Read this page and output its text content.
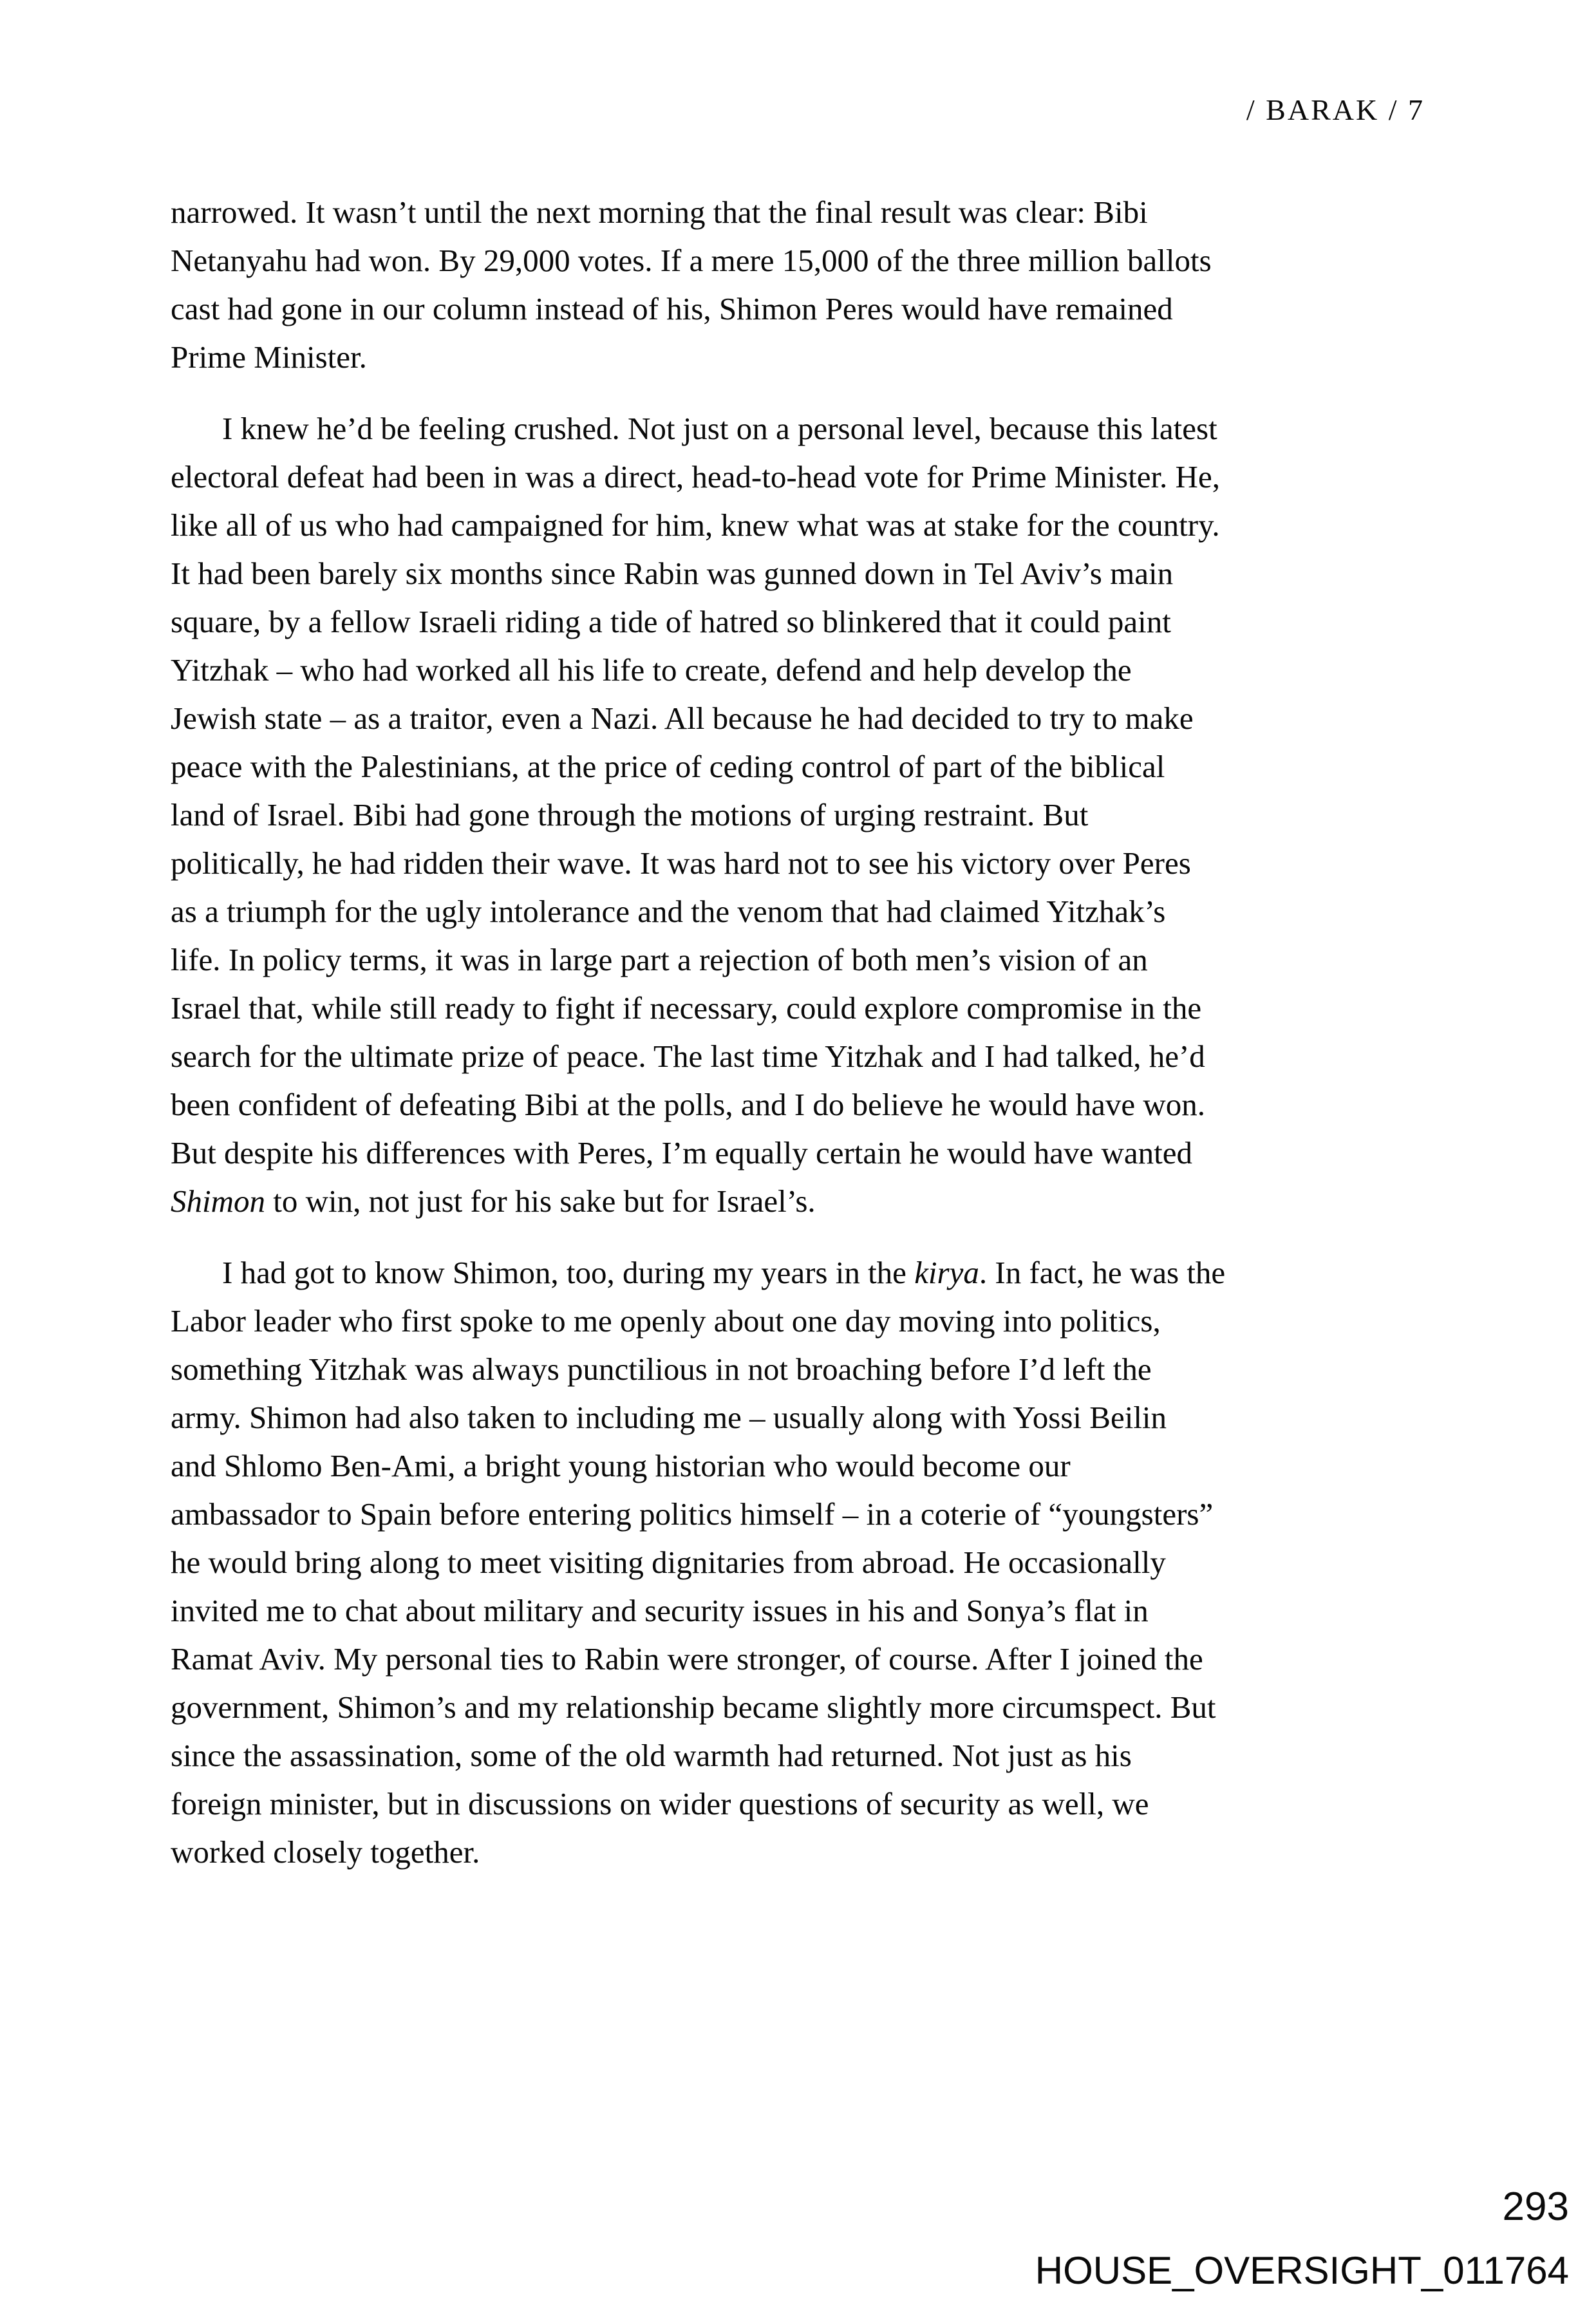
/ BARAK / 7
narrowed. It wasn’t until the next morning that the final result was clear: Bibi
Netanyahu had won. By 29,000 votes. If a mere 15,000 of the three million ballots
cast had gone in our column instead of his, Shimon Peres would have remained
Prime Minister.
I knew he’d be feeling crushed. Not just on a personal level, because this latest
electoral defeat had been in was a direct, head-to-head vote for Prime Minister. He,
like all of us who had campaigned for him, knew what was at stake for the country.
It had been barely six months since Rabin was gunned down in Tel Aviv’s main
square, by a fellow Israeli riding a tide of hatred so blinkered that it could paint
Yitzhak – who had worked all his life to create, defend and help develop the
Jewish state – as a traitor, even a Nazi. All because he had decided to try to make
peace with the Palestinians, at the price of ceding control of part of the biblical
land of Israel. Bibi had gone through the motions of urging restraint. But
politically, he had ridden their wave. It was hard not to see his victory over Peres
as a triumph for the ugly intolerance and the venom that had claimed Yitzhak’s
life. In policy terms, it was in large part a rejection of both men’s vision of an
Israel that, while still ready to fight if necessary, could explore compromise in the
search for the ultimate prize of peace. The last time Yitzhak and I had talked, he’d
been confident of defeating Bibi at the polls, and I do believe he would have won.
But despite his differences with Peres, I’m equally certain he would have wanted
Shimon to win, not just for his sake but for Israel’s.
I had got to know Shimon, too, during my years in the kirya. In fact, he was the
Labor leader who first spoke to me openly about one day moving into politics,
something Yitzhak was always punctilious in not broaching before I’d left the
army. Shimon had also taken to including me – usually along with Yossi Beilin
and Shlomo Ben-Ami, a bright young historian who would become our
ambassador to Spain before entering politics himself – in a coterie of “youngsters”
he would bring along to meet visiting dignitaries from abroad. He occasionally
invited me to chat about military and security issues in his and Sonya’s flat in
Ramat Aviv. My personal ties to Rabin were stronger, of course. After I joined the
government, Shimon’s and my relationship became slightly more circumspect. But
since the assassination, some of the old warmth had returned. Not just as his
foreign minister, but in discussions on wider questions of security as well, we
worked closely together.
293
HOUSE_OVERSIGHT_011764
